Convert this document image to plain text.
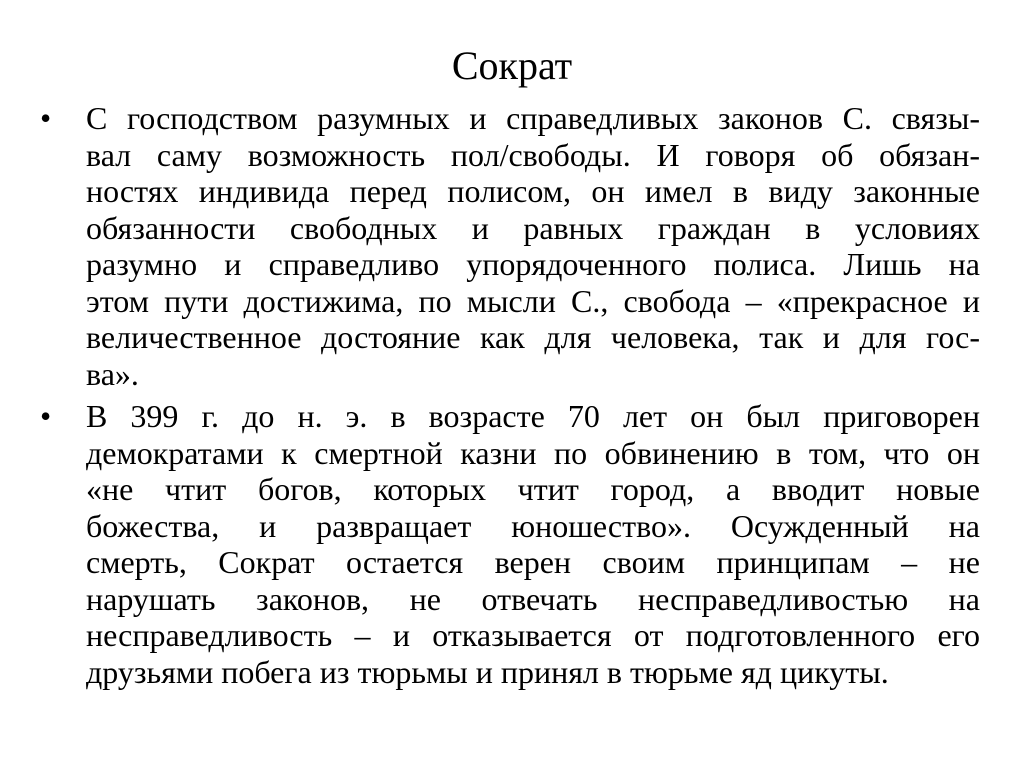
Сократ
• С господством разумных и справедливых законов С. связы-
вал саму возможность пол/свободы. И говоря об обязан-
ностях индивида перед полисом, он имел в виду законные
обязанности свободных и равных граждан в условиях
разумно и справедливо упорядоченного полиса. Лишь на
этом пути достижима, по мысли С., свобода – «прекрасное и
величественное достояние как для человека, так и для гос-
ва».
• В 399 г. до н. э. в возрасте 70 лет он был приговорен
демократами к смертной казни по обвинению в том, что он
«не чтит богов, которых чтит город, а вводит новые
божества, и развращает юношество». Осужденный на
смерть, Сократ остается верен своим принципам – не
нарушать законов, не отвечать несправедливостью на
несправедливость – и отказывается от подготовленного его
друзьями побега из тюрьмы и принял в тюрьме яд цикуты.
